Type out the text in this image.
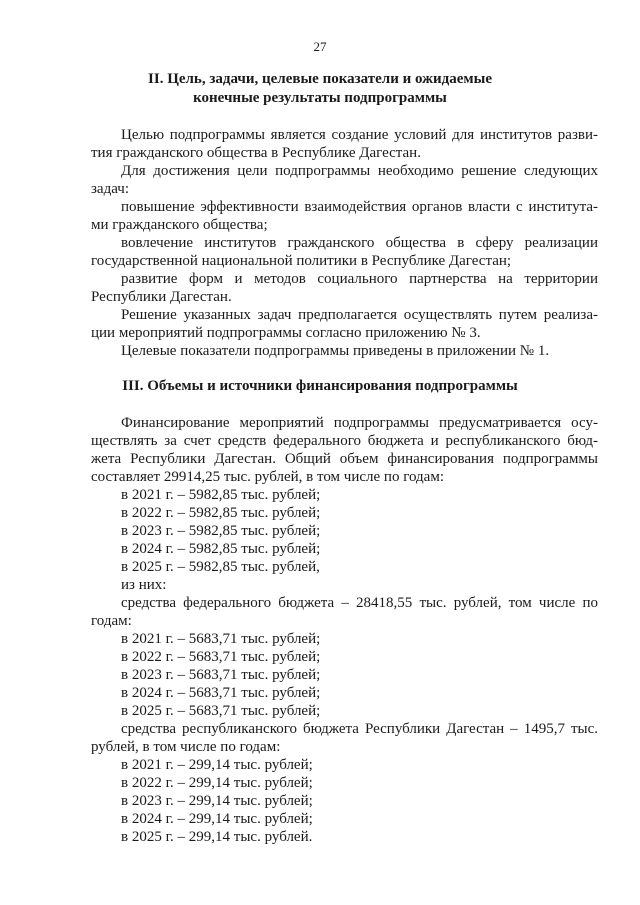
27
II. Цель, задачи, целевые показатели и ожидаемые
конечные результаты подпрограммы
Целью подпрограммы является создание условий для институтов разви-
тия гражданского общества в Республике Дагестан.
Для достижения цели подпрограммы необходимо решение следующих
задач:
повышение эффективности взаимодействия органов власти с института-
ми гражданского общества;
вовлечение институтов гражданского общества в сферу реализации
государственной национальной политики в Республике Дагестан;
развитие форм и методов социального партнерства на территории
Республики Дагестан.
Решение указанных задач предполагается осуществлять путем реализа-
ции мероприятий подпрограммы согласно приложению № 3.
Целевые показатели подпрограммы приведены в приложении № 1.
III. Объемы и источники финансирования подпрограммы
Финансирование мероприятий подпрограммы предусматривается осу-
ществлять за счет средств федерального бюджета и республиканского бюд-
жета Республики Дагестан. Общий объем финансирования подпрограммы
составляет 29914,25 тыс. рублей, в том числе по годам:
в 2021 г. – 5982,85 тыс. рублей;
в 2022 г. – 5982,85 тыс. рублей;
в 2023 г. – 5982,85 тыс. рублей;
в 2024 г. – 5982,85 тыс. рублей;
в 2025 г. – 5982,85 тыс. рублей,
из них:
средства федерального бюджета – 28418,55 тыс. рублей, том числе по
годам:
в 2021 г. – 5683,71 тыс. рублей;
в 2022 г. – 5683,71 тыс. рублей;
в 2023 г. – 5683,71 тыс. рублей;
в 2024 г. – 5683,71 тыс. рублей;
в 2025 г. – 5683,71 тыс. рублей;
средства республиканского бюджета Республики Дагестан – 1495,7 тыс.
рублей, в том числе по годам:
в 2021 г. – 299,14 тыс. рублей;
в 2022 г. – 299,14 тыс. рублей;
в 2023 г. – 299,14 тыс. рублей;
в 2024 г. – 299,14 тыс. рублей;
в 2025 г. – 299,14 тыс. рублей.
